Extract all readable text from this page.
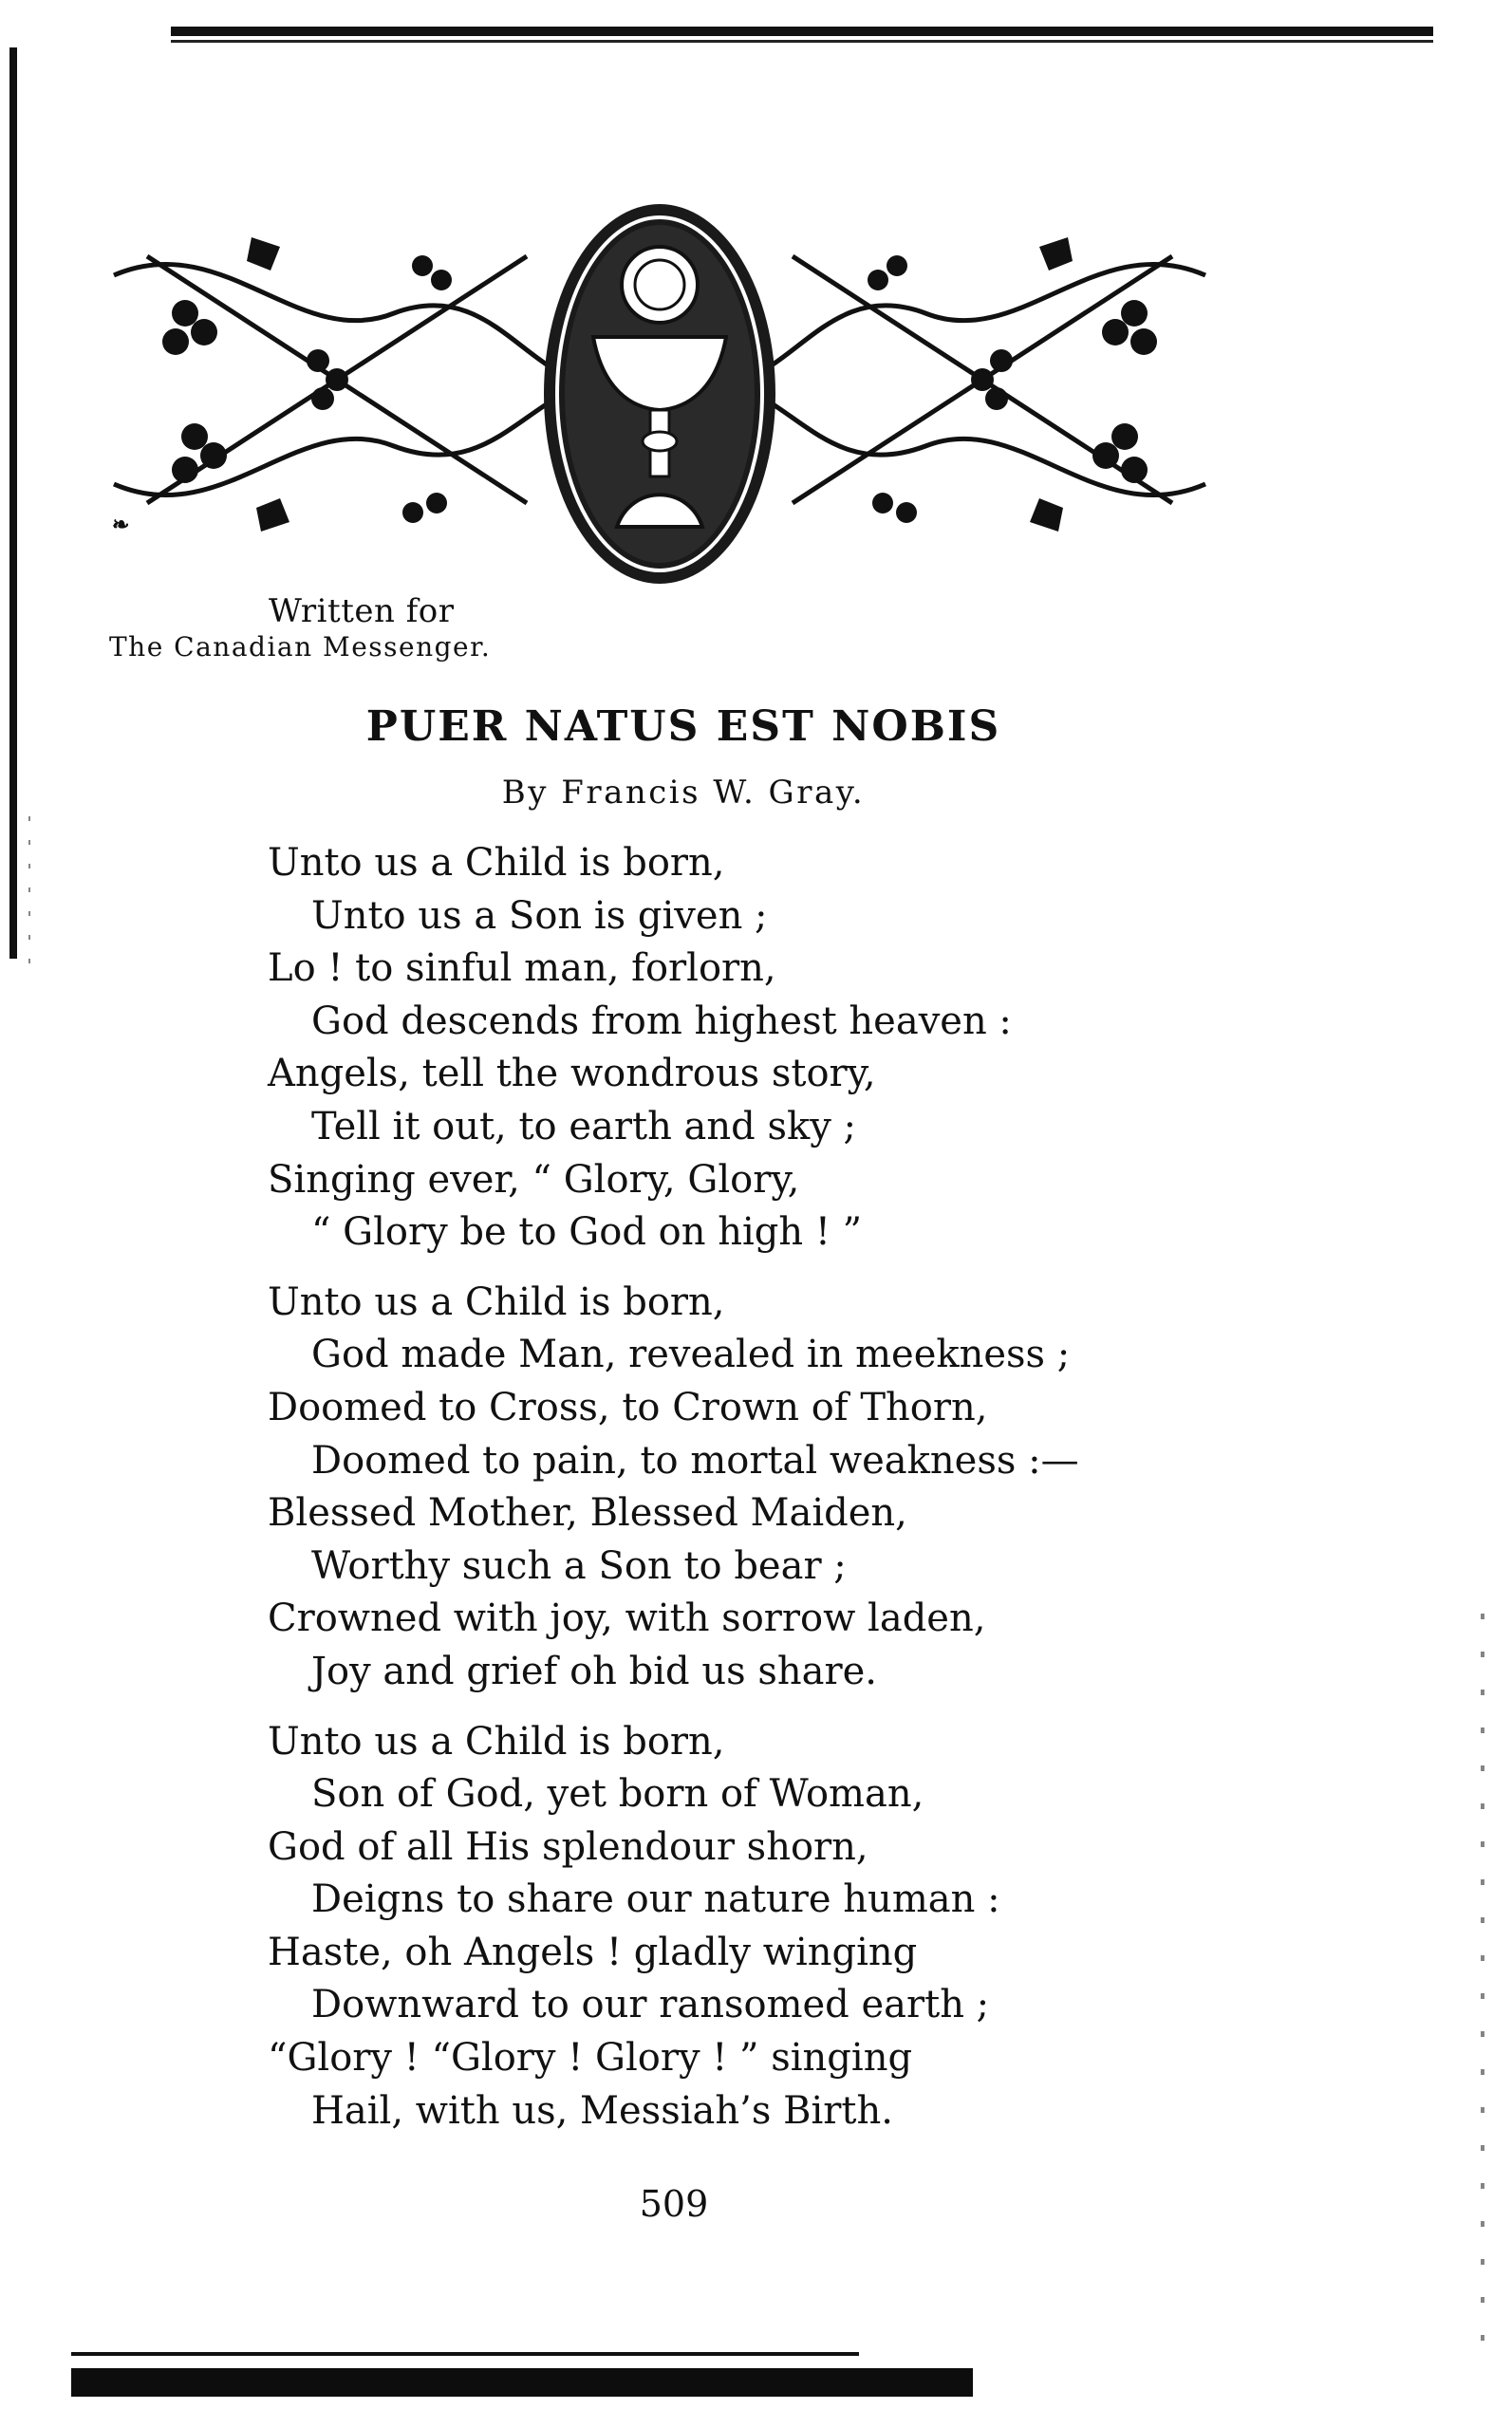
❧
Written for
The Canadian Messenger.
PUER NATUS EST NOBIS
By Francis W. Gray.
Unto us a Child is born,
Unto us a Son is given ;
Lo ! to sinful man, forlorn,
God descends from highest heaven :
Angels, tell the wondrous story,
Tell it out, to earth and sky ;
Singing ever, “ Glory, Glory,
“ Glory be to God on high ! ”
Unto us a Child is born,
God made Man, revealed in meekness ;
Doomed to Cross, to Crown of Thorn,
Doomed to pain, to mortal weakness :—
Blessed Mother, Blessed Maiden,
Worthy such a Son to bear ;
Crowned with joy, with sorrow laden,
Joy and grief oh bid us share.
Unto us a Child is born,
Son of God, yet born of Woman,
God of all His splendour shorn,
Deigns to share our nature human :
Haste, oh Angels ! gladly winging
Downward to our ransomed earth ;
“Glory ! “Glory ! Glory ! ” singing
Hail, with us, Messiah’s Birth.
509
